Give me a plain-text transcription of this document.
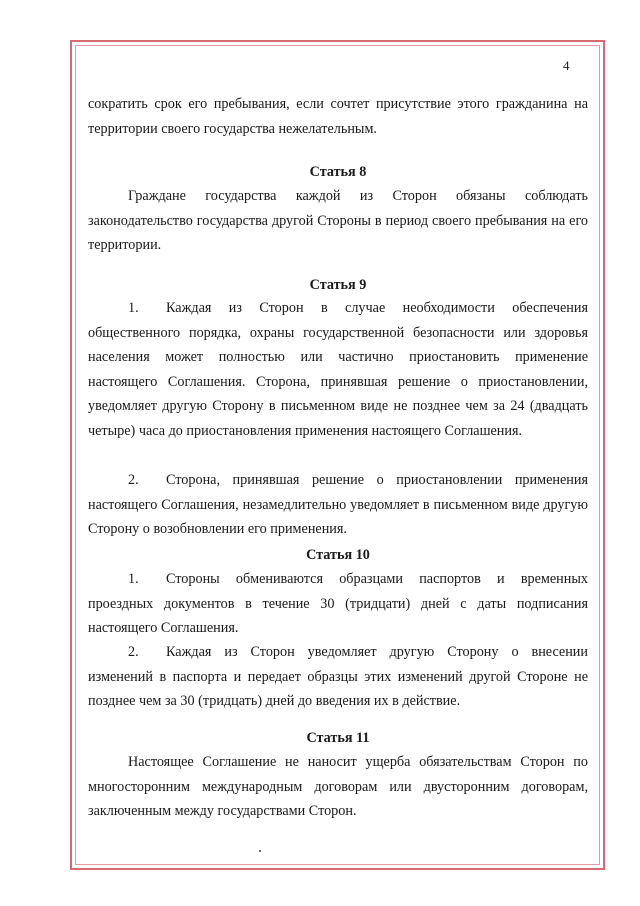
4

сократить срок его пребывания, если сочтет присутствие этого гражданина на территории своего государства нежелательным.

Статья 8

Граждане государства каждой из Сторон обязаны соблюдать законодательство государства другой Стороны в период своего пребывания на его территории.

Статья 9

1. Каждая из Сторон в случае необходимости обеспечения общественного порядка, охраны государственной безопасности или здоровья населения может полностью или частично приостановить применение настоящего Соглашения. Сторона, принявшая решение о приостановлении, уведомляет другую Сторону в письменном виде не позднее чем за 24 (двадцать четыре) часа до приостановления применения настоящего Соглашения.

2. Сторона, принявшая решение о приостановлении применения настоящего Соглашения, незамедлительно уведомляет в письменном виде другую Сторону о возобновлении его применения.

Статья 10

1. Стороны обмениваются образцами паспортов и временных проездных документов в течение 30 (тридцати) дней с даты подписания настоящего Соглашения.

2. Каждая из Сторон уведомляет другую Сторону о внесении изменений в паспорта и передает образцы этих изменений другой Стороне не позднее чем за 30 (тридцать) дней до введения их в действие.

Статья 11

Настоящее Соглашение не наносит ущерба обязательствам Сторон по многосторонним международным договорам или двусторонним договорам, заключенным между государствами Сторон.
